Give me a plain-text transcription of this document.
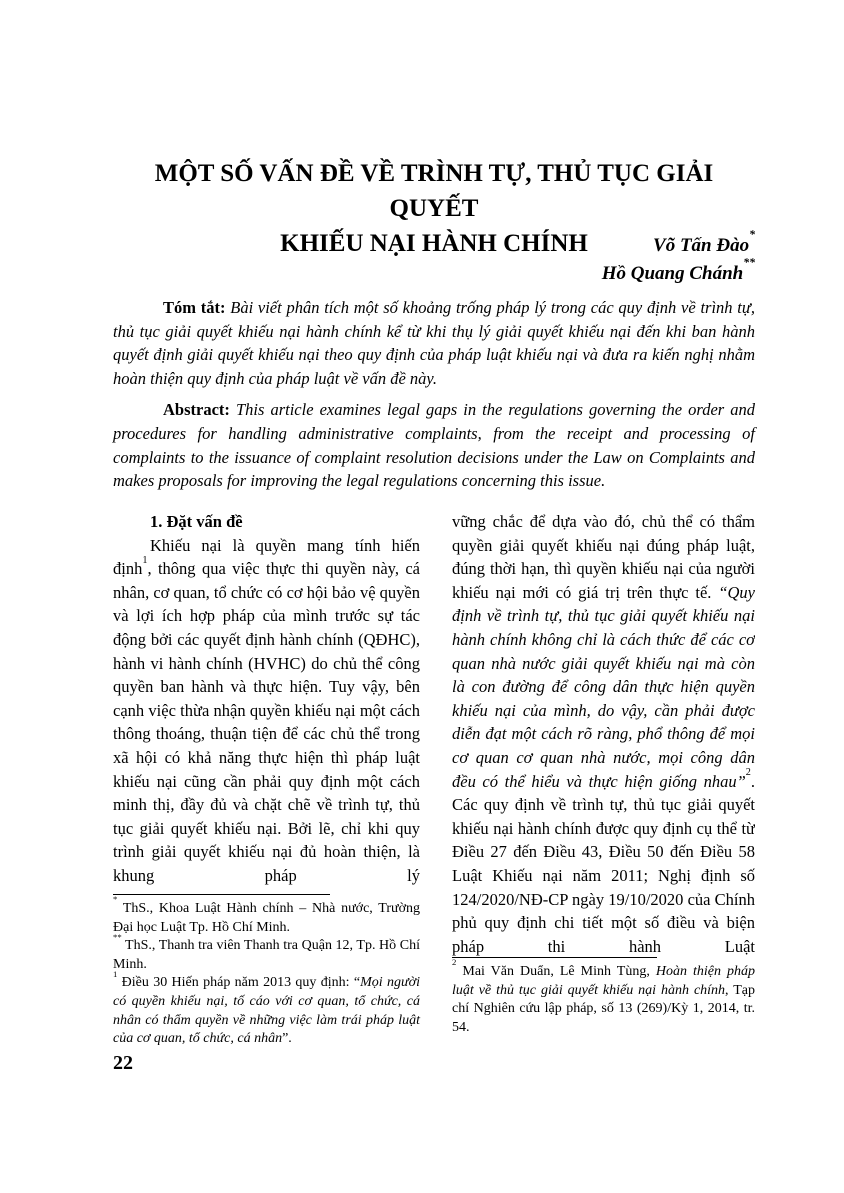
MỘT SỐ VẤN ĐỀ VỀ TRÌNH TỰ, THỦ TỤC GIẢI QUYẾT
KHIẾU NẠI HÀNH CHÍNH	Võ Tấn Đào*
Hồ Quang Chánh**

Tóm tắt: Bài viết phân tích một số khoảng trống pháp lý trong các quy định về trình tự, thủ tục giải quyết khiếu nại hành chính kể từ khi thụ lý giải quyết khiếu nại đến khi ban hành quyết định giải quyết khiếu nại theo quy định của pháp luật khiếu nại và đưa ra kiến nghị nhằm hoàn thiện quy định của pháp luật về vấn đề này.

Abstract: This article examines legal gaps in the regulations governing the order and procedures for handling administrative complaints, from the receipt and processing of complaints to the issuance of complaint resolution decisions under the Law on Complaints and makes proposals for improving the legal regulations concerning this issue.

1. Đặt vấn đề

Khiếu nại là quyền mang tính hiến định$^1$, thông qua việc thực thi quyền này, cá nhân, cơ quan, tổ chức có cơ hội bảo vệ quyền và lợi ích hợp pháp của mình trước sự tác động bởi các quyết định hành chính (QĐHC), hành vi hành chính (HVHC) do chủ thể công quyền ban hành và thực hiện. Tuy vậy, bên cạnh việc thừa nhận quyền khiếu nại một cách thông thoáng, thuận tiện để các chủ thể trong xã hội có khả năng thực hiện thì pháp luật khiếu nại cũng cần phải quy định một cách minh thị, đầy đủ và chặt chẽ về trình tự, thủ tục giải quyết khiếu nại. Bởi lẽ, chỉ khi quy trình giải quyết khiếu nại đủ hoàn thiện, là khung pháp lý

vững chắc để dựa vào đó, chủ thể có thẩm quyền giải quyết khiếu nại đúng pháp luật, đúng thời hạn, thì quyền khiếu nại của người khiếu nại mới có giá trị trên thực tế. “Quy định về trình tự, thủ tục giải quyết khiếu nại hành chính không chỉ là cách thức để các cơ quan nhà nước giải quyết khiếu nại mà còn là con đường để công dân thực hiện quyền khiếu nại của mình, do vậy, cần phải được diễn đạt một cách rõ ràng, phổ thông để mọi cơ quan cơ quan nhà nước, mọi công dân đều có thể hiểu và thực hiện giống nhau”$^2$. Các quy định về trình tự, thủ tục giải quyết khiếu nại hành chính được quy định cụ thể từ Điều 27 đến Điều 43, Điều 50 đến Điều 58 Luật Khiếu nại năm 2011; Nghị định số 124/2020/NĐ-CP ngày 19/10/2020 của Chính phủ quy định chi tiết một số điều và biện pháp thi hành Luật

* ThS., Khoa Luật Hành chính – Nhà nước, Trường Đại học Luật Tp. Hồ Chí Minh.

** ThS., Thanh tra viên Thanh tra Quận 12, Tp. Hồ Chí Minh.

$^1$ Điều 30 Hiến pháp năm 2013 quy định: “Mọi người có quyền khiếu nại, tố cáo với cơ quan, tổ chức, cá nhân có thẩm quyền về những việc làm trái pháp luật của cơ quan, tổ chức, cá nhân”.

$^2$ Mai Văn Duẩn, Lê Minh Tùng, Hoàn thiện pháp luật về thủ tục giải quyết khiếu nại hành chính, Tạp chí Nghiên cứu lập pháp, số 13 (269)/Kỳ 1, 2014, tr. 54.

22
